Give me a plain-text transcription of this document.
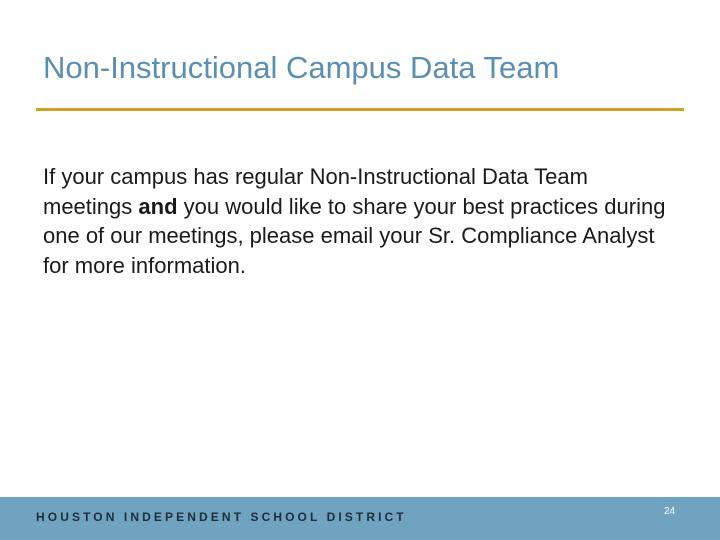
Non-Instructional Campus Data Team

If your campus has regular Non-Instructional Data Team meetings and you would like to share your best practices during one of our meetings, please email your Sr. Compliance Analyst for more information.

HOUSTON INDEPENDENT SCHOOL DISTRICT	24
